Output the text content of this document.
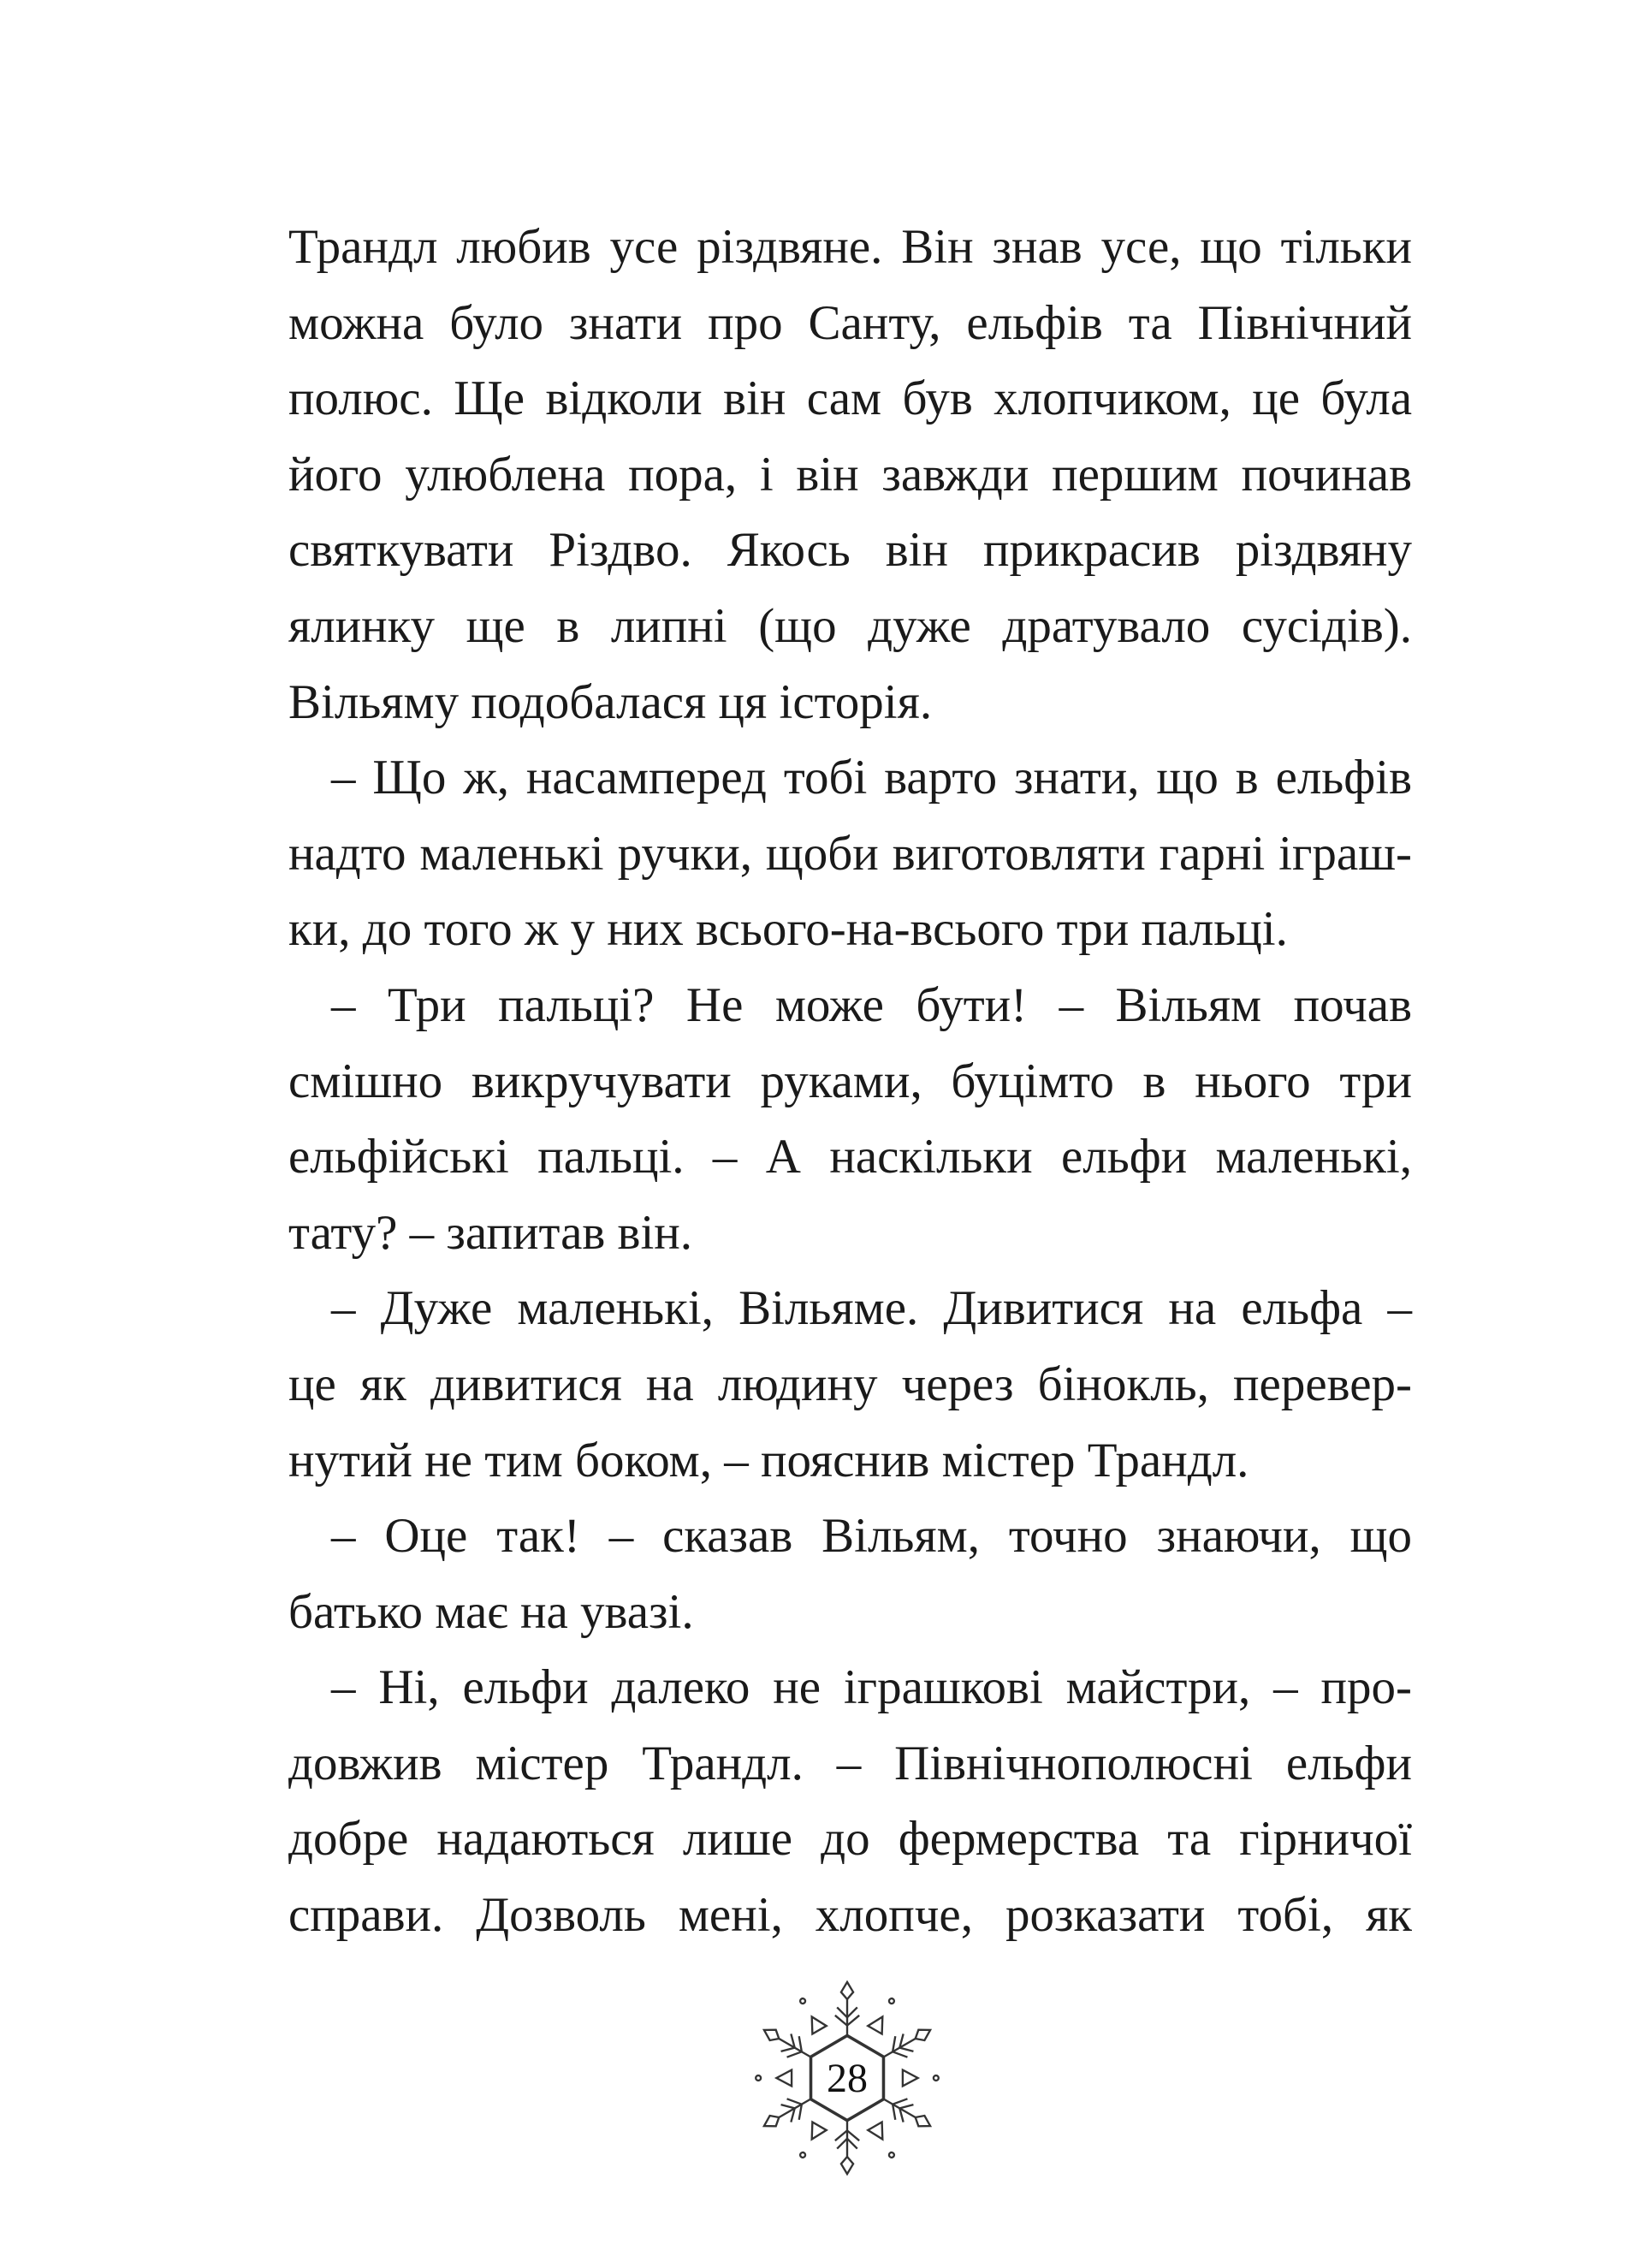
Трандл любив усе різдвяне. Він знав усе, що тільки
можна було знати про Санту, ельфів та Північний
полюс. Ще відколи він сам був хлопчиком, це була
його улюблена пора, і він завжди першим починав
святкувати Різдво. Якось він прикрасив різдвяну
ялинку ще в липні (що дуже дратувало сусідів).
Вільяму подобалася ця історія.
– Що ж, насамперед тобі варто знати, що в ельфів
надто маленькі ручки, щоби виготовляти гарні іграш-
ки, до того ж у них всього-на-всього три пальці.
– Три пальці? Не може бути! – Вільям почав
смішно викручувати руками, буцімто в нього три
ельфійські пальці. – А наскільки ельфи маленькі,
тату? – запитав він.
– Дуже маленькі, Вільяме. Дивитися на ельфа –
це як дивитися на людину через бінокль, перевер-
нутий не тим боком, – пояснив містер Трандл.
– Оце так! – сказав Вільям, точно знаючи, що
батько має на увазі.
– Ні, ельфи далеко не іграшкові майстри, – про-
довжив містер Трандл. – Північнополюсні ельфи
добре надаються лише до фермерства та гірничої
справи. Дозволь мені, хлопче, розказати тобі, як
28
